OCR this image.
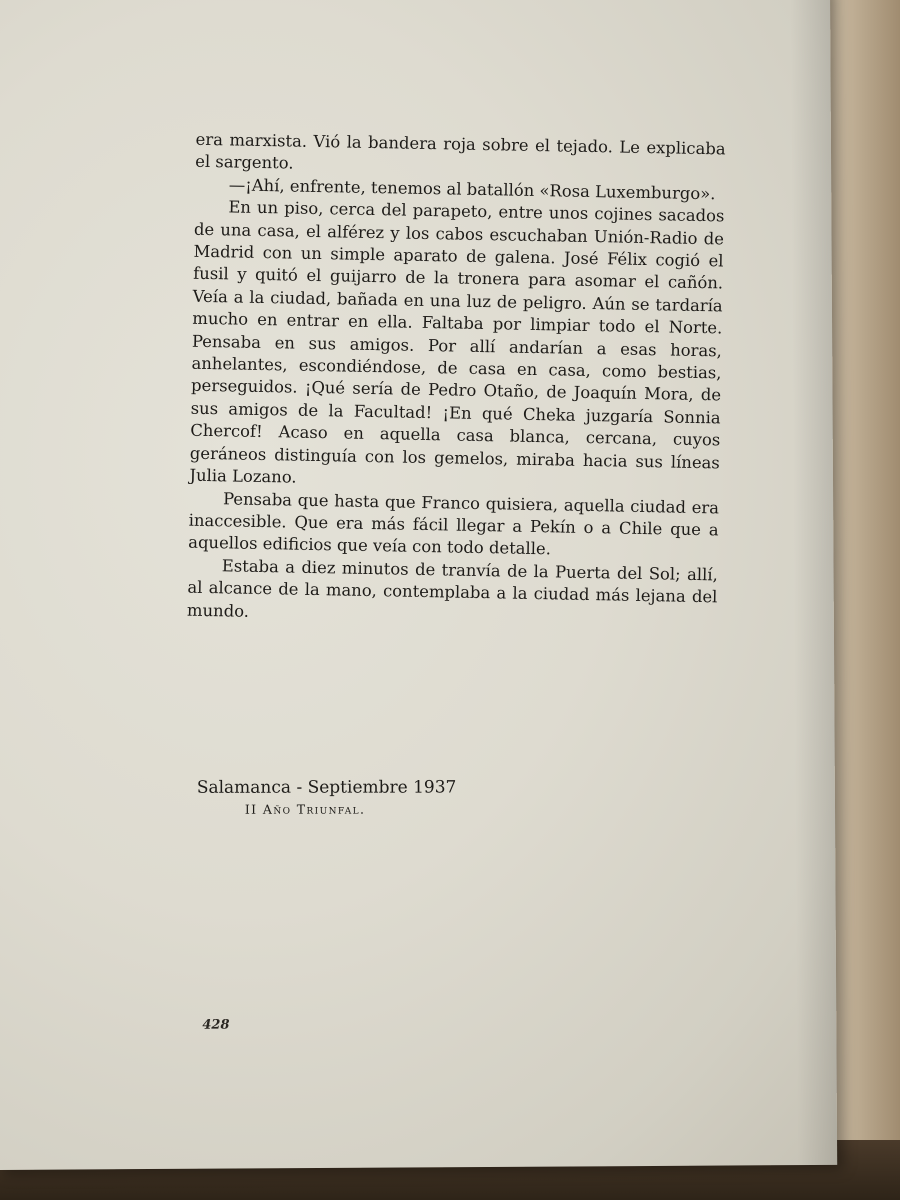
era marxista. Vió la bandera roja sobre el tejado. Le explicaba el sargento.

—¡Ahí, enfrente, tenemos al batallón «Rosa Luxemburgo».

En un piso, cerca del parapeto, entre unos cojines sacados de una casa, el alférez y los cabos escuchaban Unión-Radio de Madrid con un simple aparato de galena. José Félix cogió el fusil y quitó el guijarro de la tronera para asomar el cañón. Veía a la ciudad, bañada en una luz de peligro. Aún se tardaría mucho en entrar en ella. Faltaba por limpiar todo el Norte. Pensaba en sus amigos. Por allí andarían a esas horas, anhelantes, escondiéndose, de casa en casa, como bestias, perseguidos. ¡Qué sería de Pedro Otaño, de Joaquín Mora, de sus amigos de la Facultad! ¡En qué Cheka juzgaría Sonnia Chercof! Acaso en aquella casa blanca, cercana, cuyos geráneos distinguía con los gemelos, miraba hacia sus líneas Julia Lozano.

Pensaba que hasta que Franco quisiera, aquella ciudad era inaccesible. Que era más fácil llegar a Pekín o a Chile que a aquellos edificios que veía con todo detalle.

Estaba a diez minutos de tranvía de la Puerta del Sol; allí, al alcance de la mano, contemplaba a la ciudad más lejana del mundo.

Salamanca - Septiembre 1937

II Año Triunfal.

428
